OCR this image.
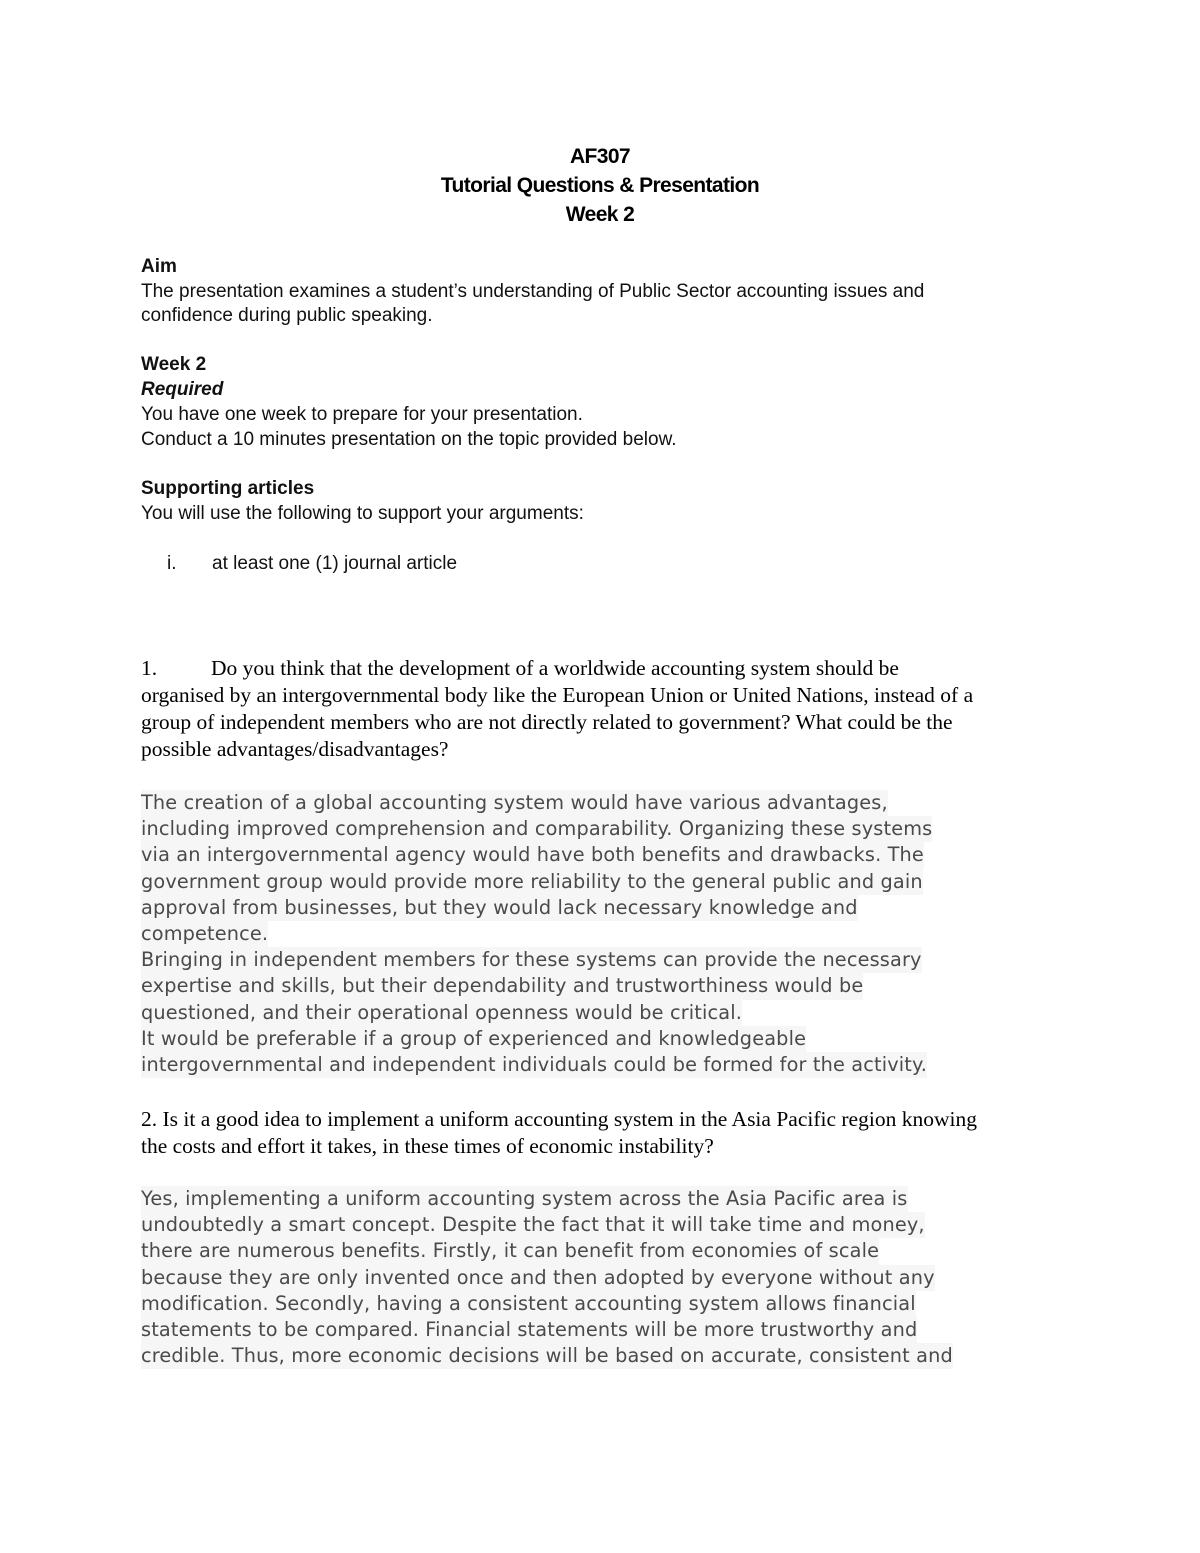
AF307
Tutorial Questions & Presentation
Week 2
Aim
The presentation examines a student’s understanding of Public Sector accounting issues and
confidence during public speaking.
Week 2
Required
You have one week to prepare for your presentation.
Conduct a 10 minutes presentation on the topic provided below.
Supporting articles
You will use the following to support your arguments:
i. at least one (1) journal article
1.	Do you think that the development of a worldwide accounting system should be
organised by an intergovernmental body like the European Union or United Nations, instead of a
group of independent members who are not directly related to government? What could be the
possible advantages/disadvantages?
The creation of a global accounting system would have various advantages,
including improved comprehension and comparability. Organizing these systems
via an intergovernmental agency would have both benefits and drawbacks. The
government group would provide more reliability to the general public and gain
approval from businesses, but they would lack necessary knowledge and
competence.
Bringing in independent members for these systems can provide the necessary
expertise and skills, but their dependability and trustworthiness would be
questioned, and their operational openness would be critical.
It would be preferable if a group of experienced and knowledgeable
intergovernmental and independent individuals could be formed for the activity.
2. Is it a good idea to implement a uniform accounting system in the Asia Pacific region knowing
the costs and effort it takes, in these times of economic instability?
Yes, implementing a uniform accounting system across the Asia Pacific area is
undoubtedly a smart concept. Despite the fact that it will take time and money,
there are numerous benefits. Firstly, it can benefit from economies of scale
because they are only invented once and then adopted by everyone without any
modification. Secondly, having a consistent accounting system allows financial
statements to be compared. Financial statements will be more trustworthy and
credible. Thus, more economic decisions will be based on accurate, consistent and
